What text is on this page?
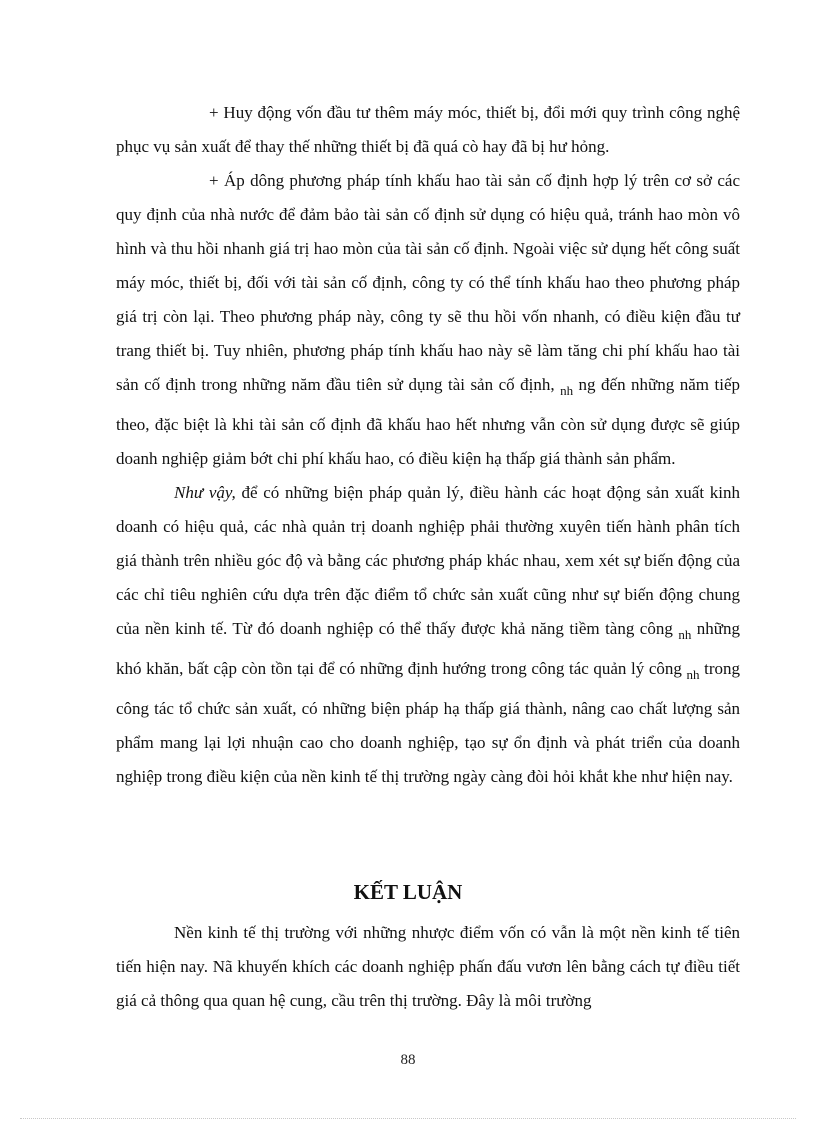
+ Huy động vốn đầu tư thêm máy móc, thiết bị, đổi mới quy trình công nghệ phục vụ sản xuất để thay thế những thiết bị đã quá cò hay đã bị hư hỏng.

+ Áp dông phương pháp tính khấu hao tài sản cố định hợp lý trên cơ sở các quy định của nhà nước để đảm bảo tài sản cố định sử dụng có hiệu quả, tránh hao mòn vô hình và thu hồi nhanh giá trị hao mòn của tài sản cố định. Ngoài việc sử dụng hết công suất máy móc, thiết bị, đối với tài sản cố định, công ty có thể tính khấu hao theo phương pháp giá trị còn lại. Theo phương pháp này, công ty sẽ thu hồi vốn nhanh, có điều kiện đầu tư trang thiết bị. Tuy nhiên, phương pháp tính khấu hao này sẽ làm tăng chi phí khấu hao tài sản cố định trong những năm đầu tiên sử dụng tài sản cố định, $_{nh}$ ng đến những năm tiếp theo, đặc biệt là khi tài sản cố định đã khấu hao hết nhưng vẫn còn sử dụng được sẽ giúp doanh nghiệp giảm bớt chi phí khấu hao, có điều kiện hạ thấp giá thành sản phẩm.

Như vậy, để có những biện pháp quản lý, điều hành các hoạt động sản xuất kinh doanh có hiệu quả, các nhà quản trị doanh nghiệp phải thường xuyên tiến hành phân tích giá thành trên nhiều góc độ và bằng các phương pháp khác nhau, xem xét sự biến động của các chỉ tiêu nghiên cứu dựa trên đặc điểm tổ chức sản xuất cũng như sự biến động chung của nền kinh tế. Từ đó doanh nghiệp có thể thấy được khả năng tiềm tàng công $_{nh}$ những khó khăn, bất cập còn tồn tại để có những định hướng trong công tác quản lý công $_{nh}$ trong công tác tổ chức sản xuất, có những biện pháp hạ thấp giá thành, nâng cao chất lượng sản phẩm mang lại lợi nhuận cao cho doanh nghiệp, tạo sự ổn định và phát triển của doanh nghiệp trong điều kiện của nền kinh tế thị trường ngày càng đòi hỏi khắt khe như hiện nay.

KẾT LUẬN

Nền kinh tế thị trường với những nhược điểm vốn có vẫn là một nền kinh tế tiên tiến hiện nay. Nã khuyến khích các doanh nghiệp phấn đấu vươn lên bằng cách tự điều tiết giá cả thông qua quan hệ cung, cầu trên thị trường. Đây là môi trường

88
